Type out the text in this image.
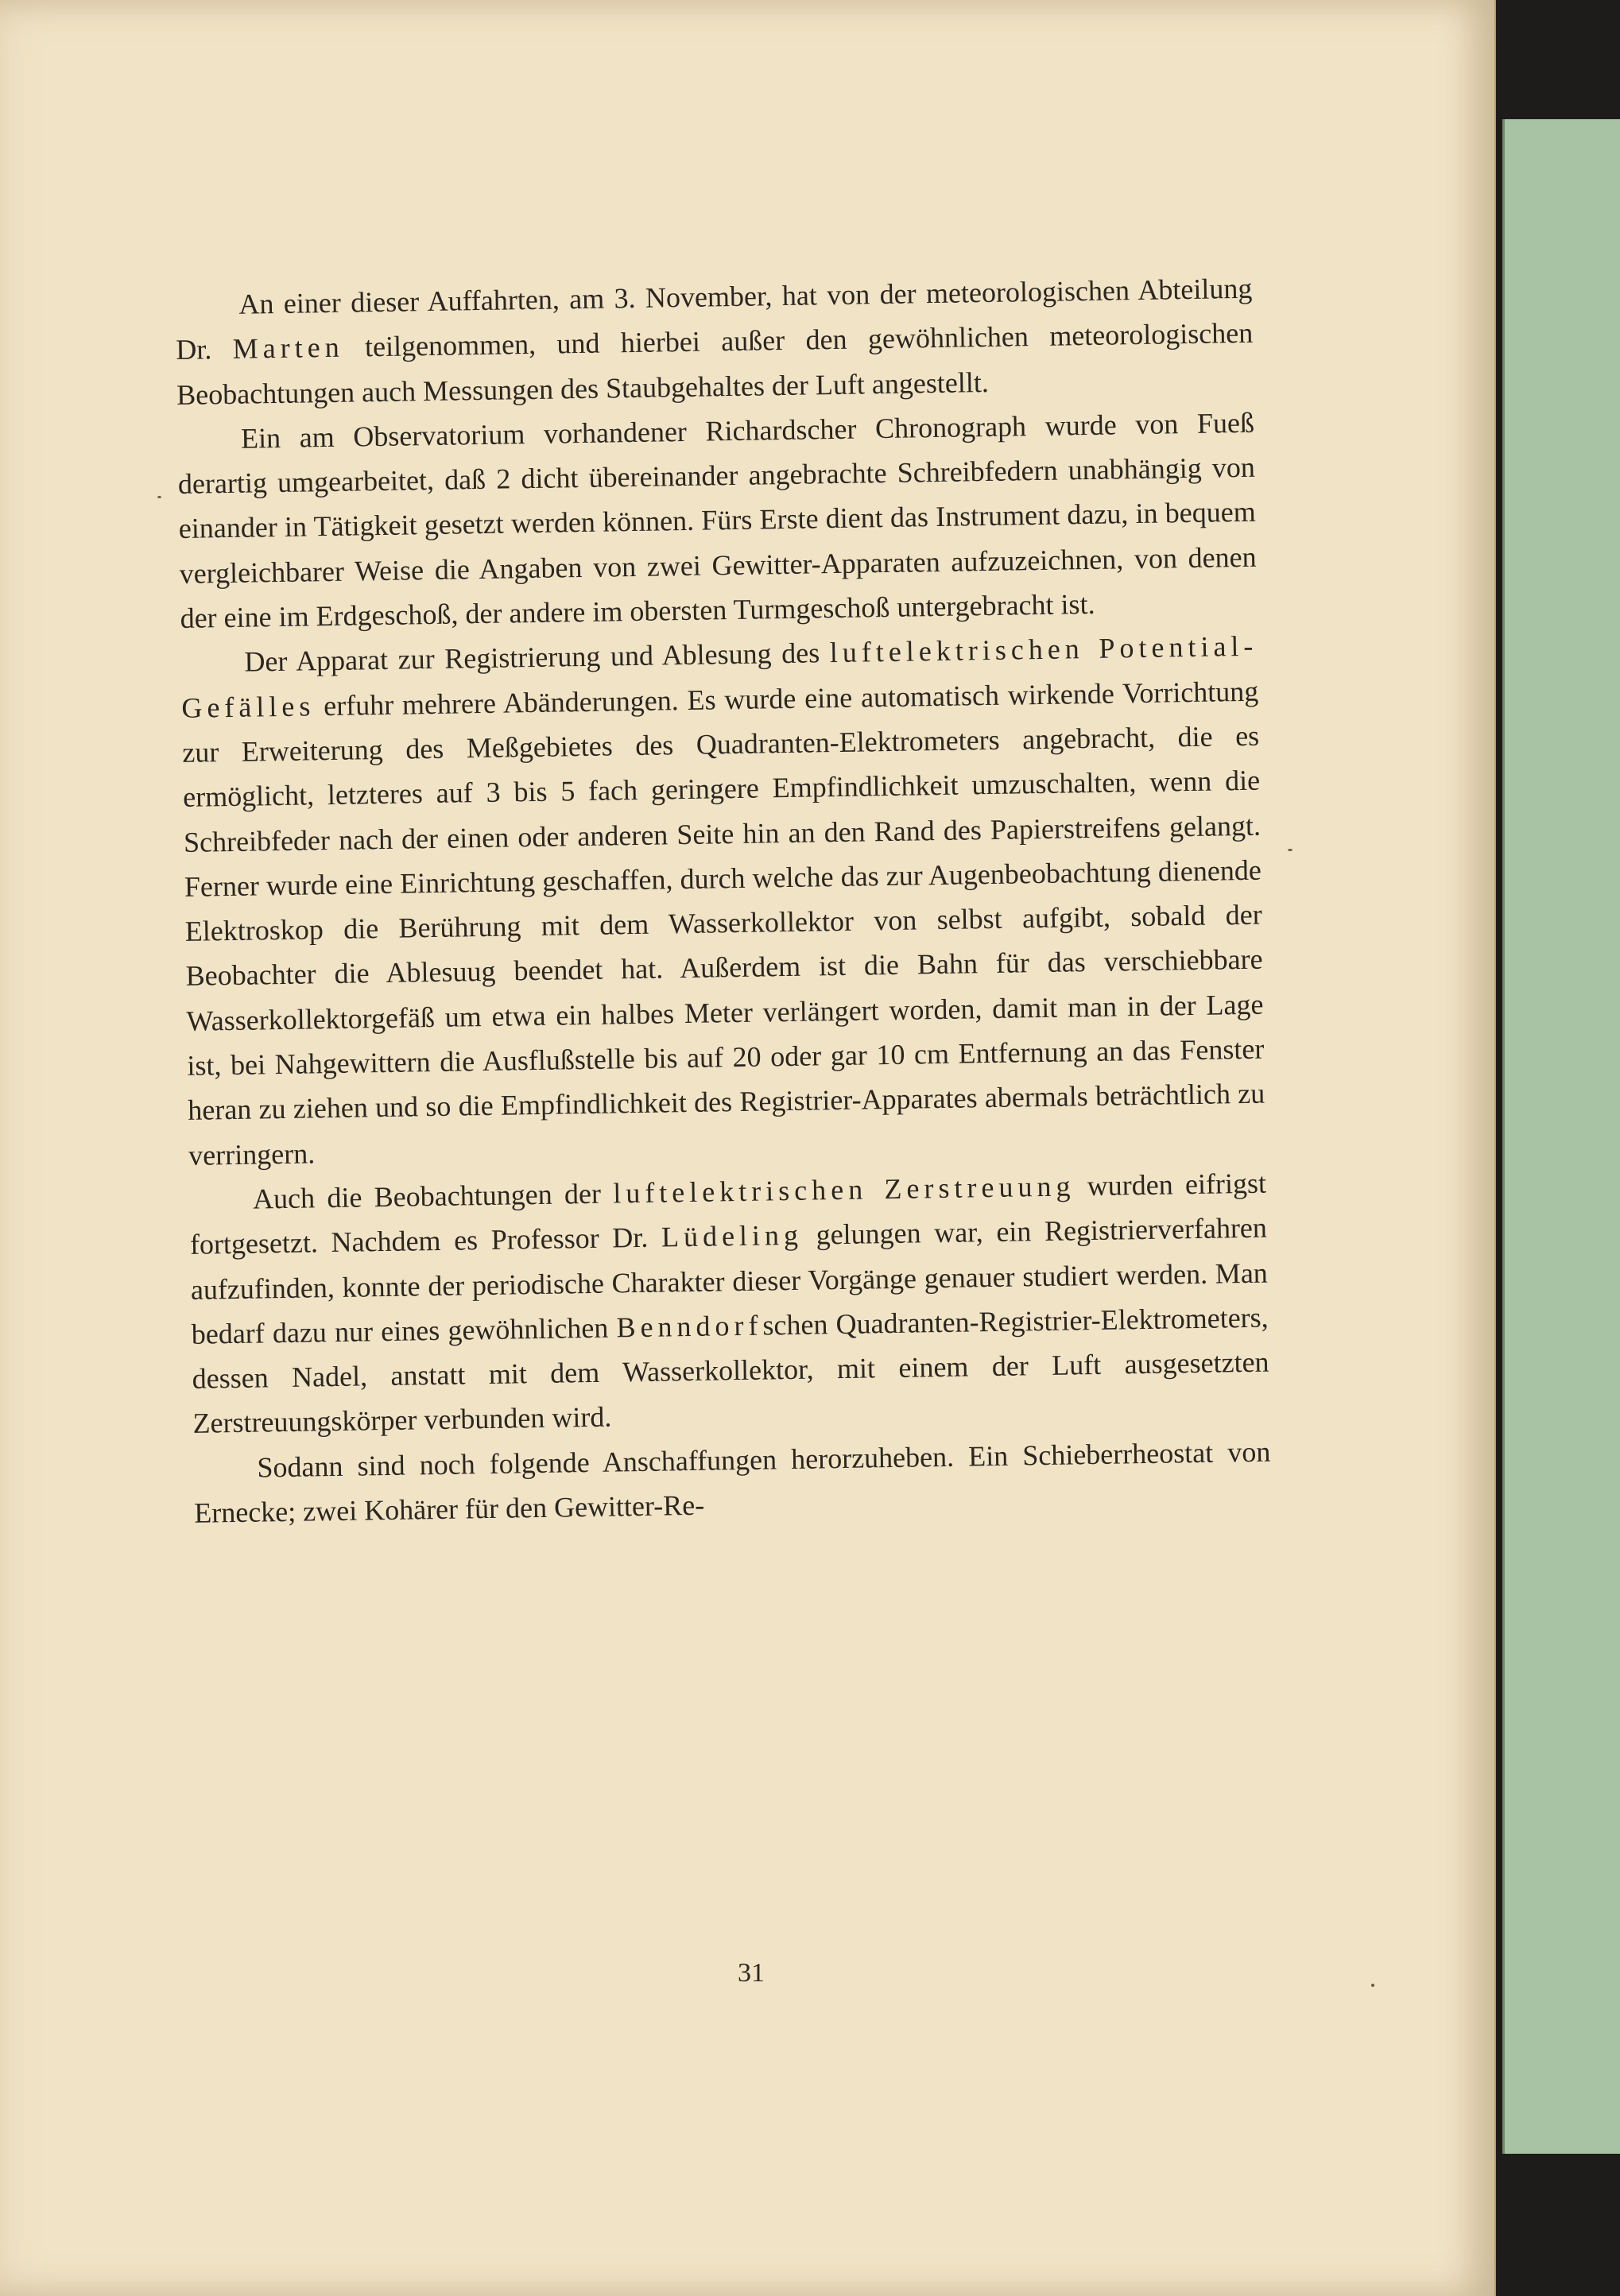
An einer dieser Auffahrten, am 3. November, hat von der meteorologischen Abteilung Dr. Marten teilgenommen, und hierbei außer den gewöhnlichen meteorologischen Beobachtungen auch Messungen des Staubgehaltes der Luft angestellt.

Ein am Observatorium vorhandener Richardscher Chronograph wurde von Fueß derartig umgearbeitet, daß 2 dicht übereinander angebrachte Schreibfedern unabhängig von einander in Tätigkeit gesetzt werden können. Fürs Erste dient das Instrument dazu, in bequem vergleichbarer Weise die Angaben von zwei Gewitter-Apparaten aufzuzeichnen, von denen der eine im Erdgeschoß, der andere im obersten Turmgeschoß untergebracht ist.

Der Apparat zur Registrierung und Ablesung des luftelektrischen Potential-Gefälles erfuhr mehrere Abänderungen. Es wurde eine automatisch wirkende Vorrichtung zur Erweiterung des Meßgebietes des Quadranten-Elektrometers angebracht, die es ermöglicht, letzteres auf 3 bis 5 fach geringere Empfindlichkeit umzuschalten, wenn die Schreibfeder nach der einen oder anderen Seite hin an den Rand des Papierstreifens gelangt. Ferner wurde eine Einrichtung geschaffen, durch welche das zur Augenbeobachtung dienende Elektroskop die Berührung mit dem Wasserkollektor von selbst aufgibt, sobald der Beobachter die Ablesuug beendet hat. Außerdem ist die Bahn für das verschiebbare Wasserkollektorgefäß um etwa ein halbes Meter verlängert worden, damit man in der Lage ist, bei Nahgewittern die Ausflußstelle bis auf 20 oder gar 10 cm Entfernung an das Fenster heran zu ziehen und so die Empfindlichkeit des Registrier-Apparates abermals beträchtlich zu verringern.

Auch die Beobachtungen der luftelektrischen Zerstreuung wurden eifrigst fortgesetzt. Nachdem es Professor Dr. Lüdeling gelungen war, ein Registrierverfahren aufzufinden, konnte der periodische Charakter dieser Vorgänge genauer studiert werden. Man bedarf dazu nur eines gewöhnlichen Benndorfschen Quadranten-Registrier-Elektrometers, dessen Nadel, anstatt mit dem Wasserkollektor, mit einem der Luft ausgesetzten Zerstreuungskörper verbunden wird.

Sodann sind noch folgende Anschaffungen herorzuheben. Ein Schieberrheostat von Ernecke; zwei Kohärer für den Gewitter-Re-

31
